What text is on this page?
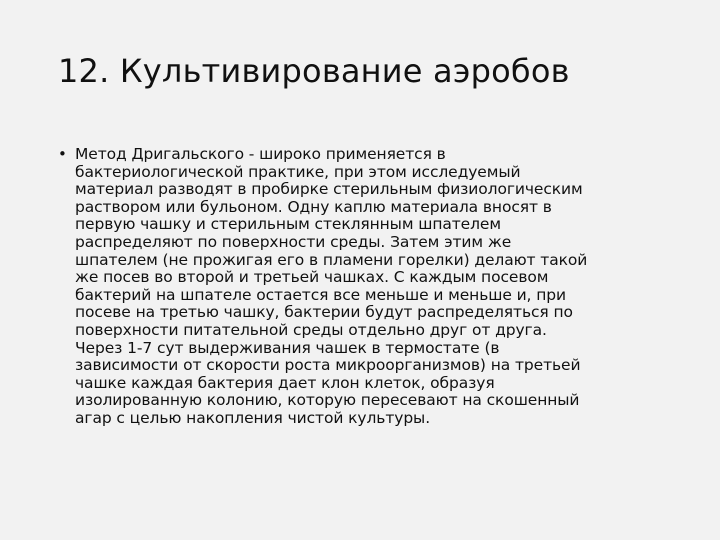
12. Культивирование аэробов
• Метод Дригальского - широко применяется в
бактериологической практике, при этом исследуемый
материал разводят в пробирке стерильным физиологическим
раствором или бульоном. Одну каплю материала вносят в
первую чашку и стерильным стеклянным шпателем
распределяют по поверхности среды. Затем этим же
шпателем (не прожигая его в пламени горелки) делают такой
же посев во второй и третьей чашках. С каждым посевом
бактерий на шпателе остается все меньше и меньше и, при
посеве на третью чашку, бактерии будут распределяться по
поверхности питательной среды отдельно друг от друга.
Через 1-7 сут выдерживания чашек в термостате (в
зависимости от скорости роста микроорганизмов) на третьей
чашке каждая бактерия дает клон клеток, образуя
изолированную колонию, которую пересевают на скошенный
агар с целью накопления чистой культуры.
